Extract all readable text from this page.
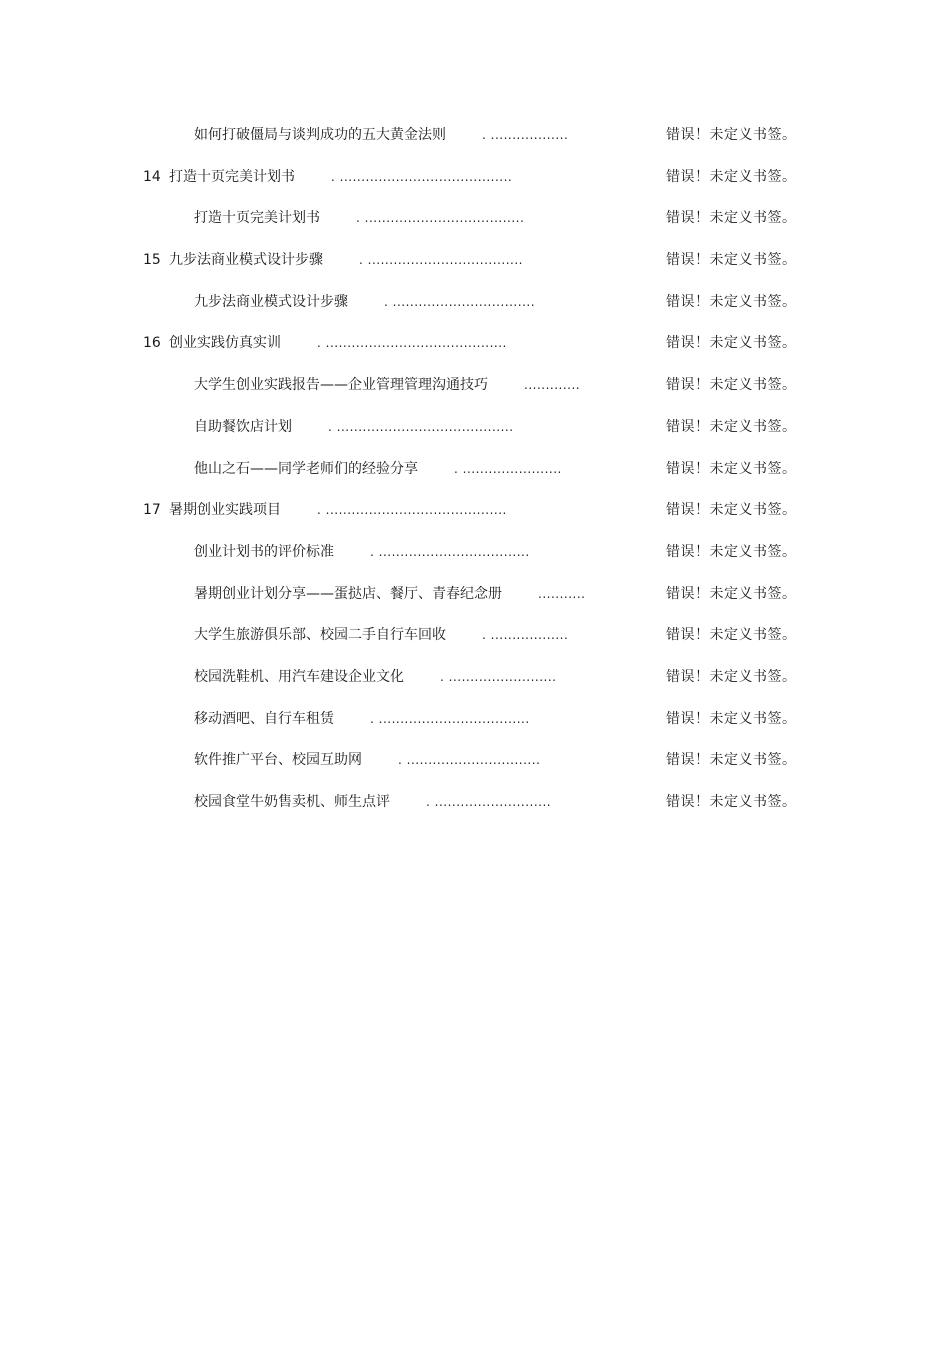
如何打破僵局与谈判成功的五大黄金法则	. ..................	错误！未定义书签。
14 打造十页完美计划书	. ........................................	错误！未定义书签。
打造十页完美计划书	. .....................................	错误！未定义书签。
15 九步法商业模式设计步骤	. ....................................	错误！未定义书签。
九步法商业模式设计步骤	. .................................	错误！未定义书签。
16 创业实践仿真实训	. ..........................................	错误！未定义书签。
大学生创业实践报告——企业管理管理沟通技巧	.............	错误！未定义书签。
自助餐饮店计划	. .........................................	错误！未定义书签。
他山之石——同学老师们的经验分享	. .......................	错误！未定义书签。
17 暑期创业实践项目	. ..........................................	错误！未定义书签。
创业计划书的评价标准	. ...................................	错误！未定义书签。
暑期创业计划分享——蛋挞店、餐厅、青春纪念册	...........	错误！未定义书签。
大学生旅游俱乐部、校园二手自行车回收	. ..................	错误！未定义书签。
校园洗鞋机、用汽车建设企业文化	. .........................	错误！未定义书签。
移动酒吧、自行车租赁	. ...................................	错误！未定义书签。
软件推广平台、校园互助网	. ...............................	错误！未定义书签。
校园食堂牛奶售卖机、师生点评	. ...........................	错误！未定义书签。
